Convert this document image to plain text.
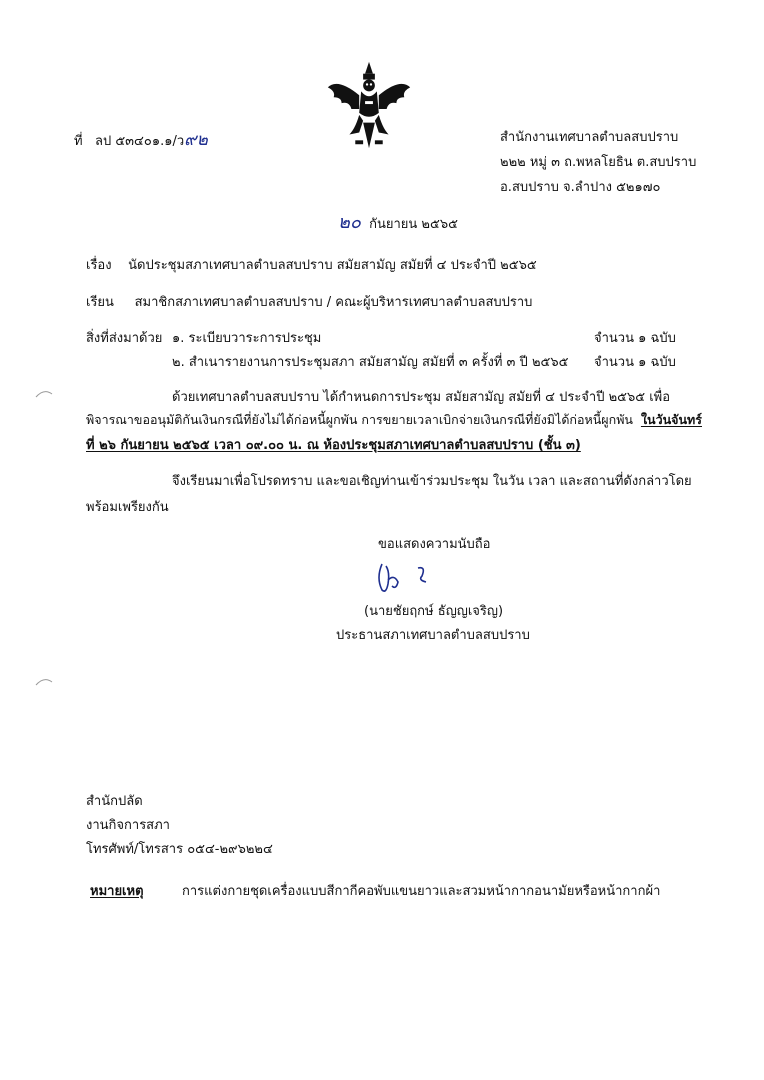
ที่ ลป ๕๓๔๐๑.๑/ว๙๒	สำนักงานเทศบาลตำบลสบปราบ
๒๒๒ หมู่ ๓ ถ.พหลโยธิน ต.สบปราบ
อ.สบปราบ จ.ลำปาง ๕๒๑๗๐
๒๐ กันยายน ๒๕๖๕
เรื่อง นัดประชุมสภาเทศบาลตำบลสบปราบ สมัยสามัญ สมัยที่ ๔ ประจำปี ๒๕๖๕
เรียน สมาชิกสภาเทศบาลตำบลสบปราบ / คณะผู้บริหารเทศบาลตำบลสบปราบ
สิ่งที่ส่งมาด้วย ๑. ระเบียบวาระการประชุม	จำนวน ๑ ฉบับ
๒. สำเนารายงานการประชุมสภา สมัยสามัญ สมัยที่ ๓ ครั้งที่ ๓ ปี ๒๕๖๕ จำนวน ๑ ฉบับ
ด้วยเทศบาลตำบลสบปราบ ได้กำหนดการประชุม สมัยสามัญ สมัยที่ ๔ ประจำปี ๒๕๖๕ เพื่อ
พิจารณาขออนุมัติกันเงินกรณีที่ยังไม่ได้ก่อหนี้ผูกพัน การขยายเวลาเบิกจ่ายเงินกรณีที่ยังมิได้ก่อหนี้ผูกพัน ในวันจันทร์
ที่ ๒๖ กันยายน ๒๕๖๕ เวลา ๐๙.๐๐ น. ณ ห้องประชุมสภาเทศบาลตำบลสบปราบ (ชั้น ๓)
จึงเรียนมาเพื่อโปรดทราบ และขอเชิญท่านเข้าร่วมประชุม ในวัน เวลา และสถานที่ดังกล่าวโดย
พร้อมเพรียงกัน
ขอแสดงความนับถือ
(นายชัยฤกษ์ ธัญญเจริญ)
ประธานสภาเทศบาลตำบลสบปราบ
สำนักปลัด
งานกิจการสภา
โทรศัพท์/โทรสาร ๐๕๔-๒๙๖๒๒๔
หมายเหตุ	การแต่งกายชุดเครื่องแบบสีกากีคอพับแขนยาวและสวมหน้ากากอนามัยหรือหน้ากากผ้า
